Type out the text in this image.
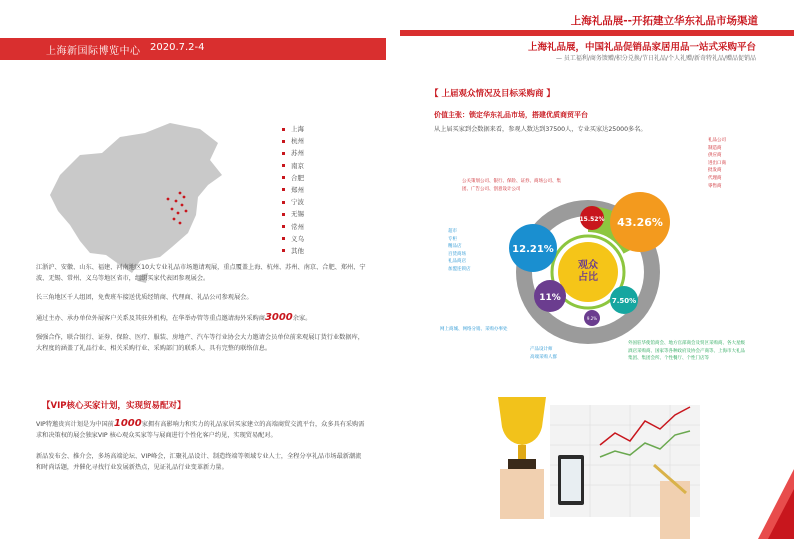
上海新国际博览中心 2020.7.2-4
上海礼品展--开拓建立华东礼品市场渠道
上海礼品展，中国礼品促销品家居用品一站式采购平台
— 员工福利/商务馈赠/积分兑换/节日礼品/个人礼赠/新奇特礼品/赠品促销品
上海
杭州
苏州
南京
合肥
郑州
宁波
无锡
常州
义乌
其他
江浙沪、安徽、山东、福建、河南地区10大专业礼品市场邀请观展，重点覆盖上海、杭州、苏州、南京、合肥、郑州、宁波、无锡、常州、义乌等地区省市，组织买家代表团参观展会。
长三角地区千人组团，免费班车接送优质经销商、代理商、礼品公司参观展会。
通过主办、承办单位外展客户关系及其驻外机构，在华举办管等重点邀请海外采购商3000余家。
强强合作，联合银行、证券、保险、医疗、服装、房地产、汽车等行业协会大力邀请会员单位前来观展订货行业数据库，大程度的涵盖了礼品行业、相关采购行业、采购部门的联系人，具有完整的联络信息。
【VIP核心买家计划，实现贸易配对】
VIP特邀贵宾计划是为中国前1000家拥有高影响力和实力的礼品家居买家建立的高端商贸交流平台，众多具有采购需求和决策权的展会独家VIP 核心观众买家等与展商进行个性化客户约见，实现贸易配对。
新品发布会、推介会，多场高端论坛、VIP峰会，汇聚礼品设计、制造终端等领域专业人士，全程分享礼品市场最新潮流和时尚话题，并催化寻找行业发展新热点，见证礼品行业变革新力量。
【 上届观众情况及目标采购商 】
价值主张：锁定华东礼品市场，搭建优质商贸平台
从上届买家到会数据来看，参观人数达到37500人，专业买家达25000多名。
观众
占比
43.26%
12.21%
15.52%
11%	7.50%
9.2%
公关策划公司、银行、保险、证券、商场公司、集团、广告公司、创意设计公司
超市
专柜
精品店
百货商场
礼品商店
加盟连锁店
礼品公司
制造商
供应商
进出口商
批发商
代理商
零售商
网上商城、网络分销、采购办事处
产品设计师
高端采购人群
外国驻华使馆商会、地方官部商会及贸区采购商、各大星级酒店采购商、国家等各种政府及协会产商等、上海市大礼品集团、集团会所、个性餐厅、个性门店等
